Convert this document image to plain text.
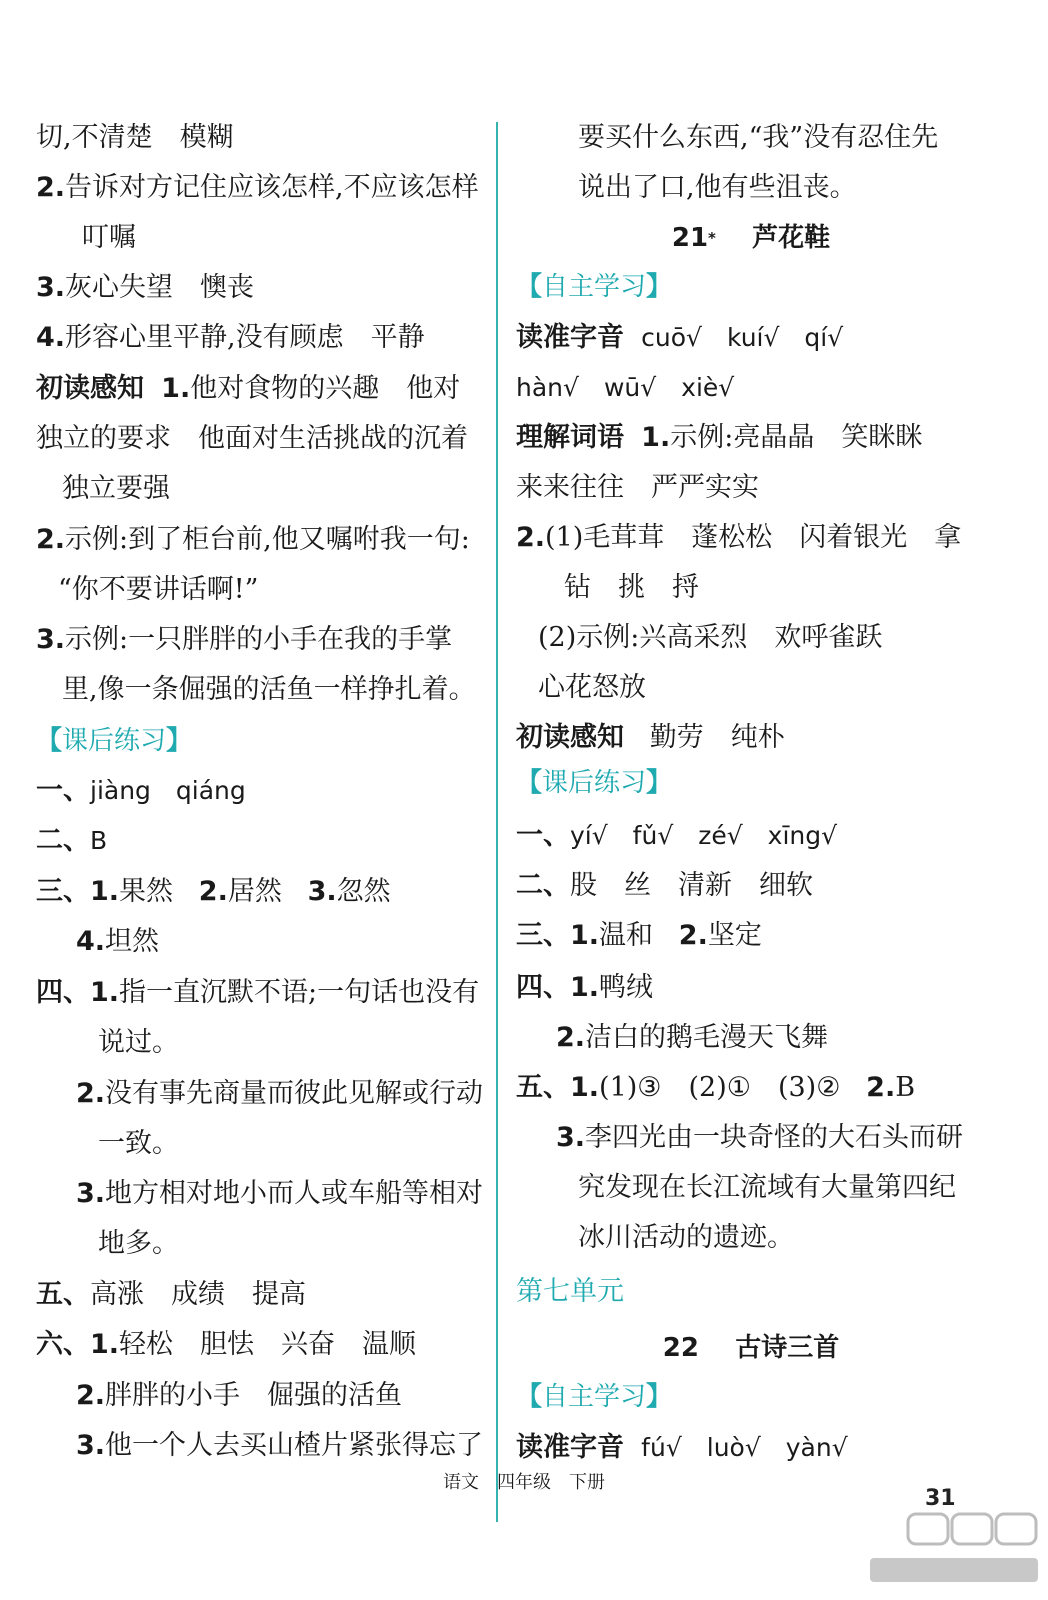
切,不清楚　模糊
2.告诉对方记住应该怎样,不应该怎样
叮嘱
3.灰心失望　懊丧
4.形容心里平静,没有顾虑　平静
初读感知 1.他对食物的兴趣　他对
独立的要求　他面对生活挑战的沉着
独立要强
2.示例:到了柜台前,他又嘱咐我一句:
“你不要讲话啊!”
3.示例:一只胖胖的小手在我的手掌
里,像一条倔强的活鱼一样挣扎着。
【课后练习】
一、jiàng　qiáng
二、B
三、1.果然 2.居然 3.忽然
4.坦然
四、1.指一直沉默不语;一句话也没有
说过。
2.没有事先商量而彼此见解或行动
一致。
3.地方相对地小而人或车船等相对
地多。
五、高涨　成绩　提高
六、1.轻松　胆怯　兴奋　温顺
2.胖胖的小手　倔强的活鱼
3.他一个人去买山楂片紧张得忘了
要买什么东西,“我”没有忍住先
说出了口,他有些沮丧。
21* 芦花鞋
【自主学习】
读准字音 cuō√　kuí√　qí√
hàn√　wū√　xiè√
理解词语 1.示例:亮晶晶　笑眯眯
来来往往　严严实实
2.(1)毛茸茸　蓬松松　闪着银光　拿
钻　挑　捋
(2)示例:兴高采烈　欢呼雀跃
心花怒放
初读感知 勤劳　纯朴
【课后练习】
一、yí√　fǔ√　zé√　xīng√
二、股　丝　清新　细软
三、1.温和 2.坚定
四、1.鸭绒
2.洁白的鹅毛漫天飞舞
五、1.(1)③　(2)①　(3)② 2.B
3.李四光由一块奇怪的大石头而研
究发现在长江流域有大量第四纪
冰川活动的遗迹。
第七单元
22 古诗三首
【自主学习】
读准字音 fú√　luò√　yàn√
语文　四年级　下册
31
